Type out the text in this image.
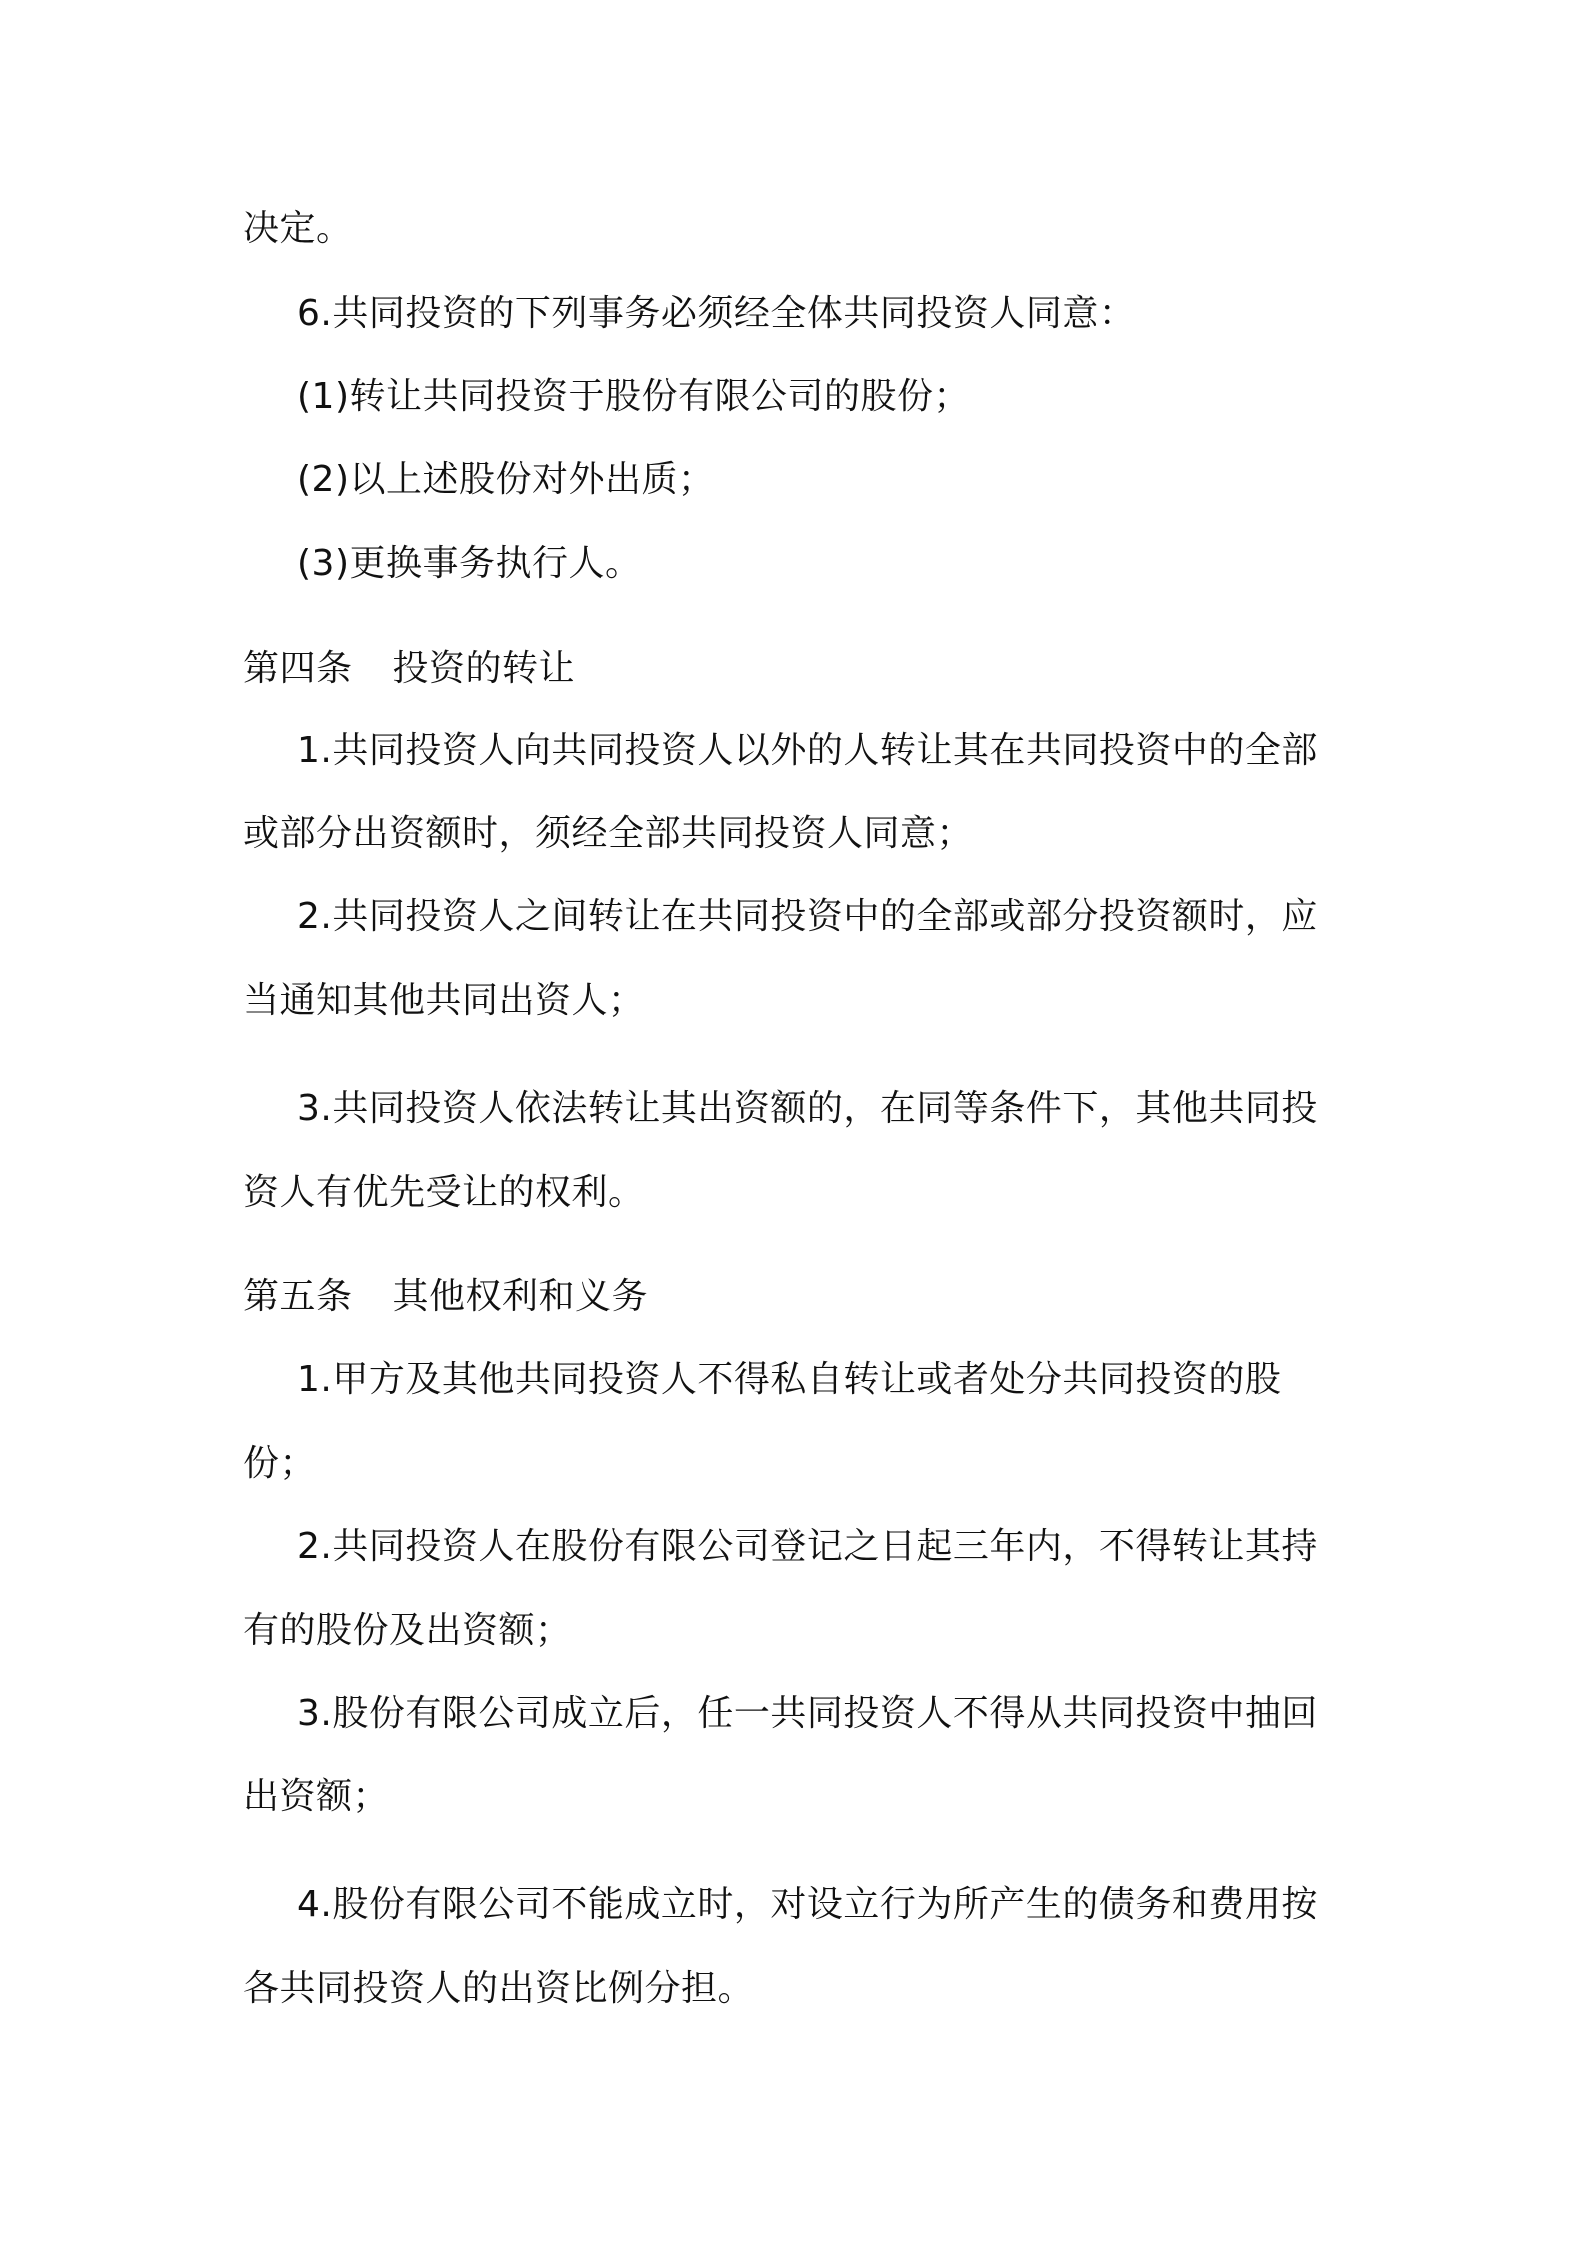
决定。
6.共同投资的下列事务必须经全体共同投资人同意：
(1)转让共同投资于股份有限公司的股份；
(2)以上述股份对外出质；
(3)更换事务执行人。
第四条 投资的转让
1.共同投资人向共同投资人以外的人转让其在共同投资中的全部
或部分出资额时，须经全部共同投资人同意；
2.共同投资人之间转让在共同投资中的全部或部分投资额时，应
当通知其他共同出资人；
3.共同投资人依法转让其出资额的，在同等条件下，其他共同投
资人有优先受让的权利。
第五条 其他权利和义务
1.甲方及其他共同投资人不得私自转让或者处分共同投资的股
份；
2.共同投资人在股份有限公司登记之日起三年内，不得转让其持
有的股份及出资额；
3.股份有限公司成立后，任一共同投资人不得从共同投资中抽回
出资额；
4.股份有限公司不能成立时，对设立行为所产生的债务和费用按
各共同投资人的出资比例分担。
